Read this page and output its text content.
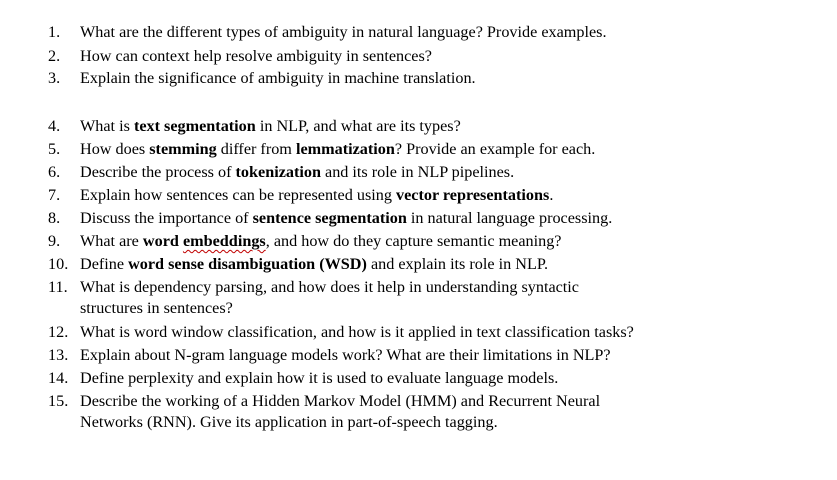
1. What are the different types of ambiguity in natural language? Provide examples.
2. How can context help resolve ambiguity in sentences?
3. Explain the significance of ambiguity in machine translation.
4. What is text segmentation in NLP, and what are its types?
5. How does stemming differ from lemmatization? Provide an example for each.
6. Describe the process of tokenization and its role in NLP pipelines.
7. Explain how sentences can be represented using vector representations.
8. Discuss the importance of sentence segmentation in natural language processing.
9. What are word embeddings, and how do they capture semantic meaning?
10. Define word sense disambiguation (WSD) and explain its role in NLP.
11. What is dependency parsing, and how does it help in understanding syntactic
structures in sentences?
12. What is word window classification, and how is it applied in text classification tasks?
13. Explain about N-gram language models work? What are their limitations in NLP?
14. Define perplexity and explain how it is used to evaluate language models.
15. Describe the working of a Hidden Markov Model (HMM) and Recurrent Neural
Networks (RNN). Give its application in part-of-speech tagging.
